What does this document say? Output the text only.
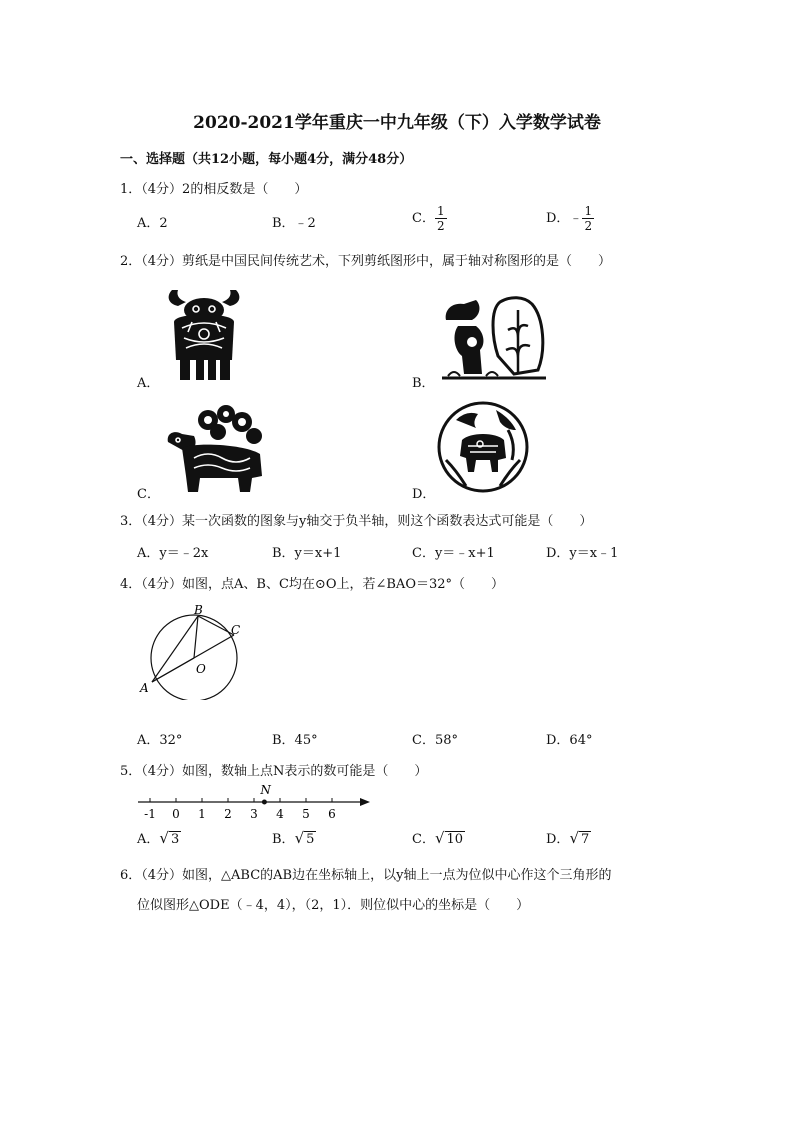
2020-2021学年重庆一中九年级（下）入学数学试卷
一、选择题（共12小题，每小题4分，满分48分）
1．（4分）2的相反数是（　　）
A．2	B．﹣2	C． $\frac{1}{2}$	D．﹣ $\frac{1}{2}$
2．（4分）剪纸是中国民间传统艺术，下列剪纸图形中，属于轴对称图形的是（　　）
A．	B．
C．	D．
3．（4分）某一次函数的图象与y轴交于负半轴，则这个函数表达式可能是（　　）
A．y＝﹣2x	B．y＝x+1	C．y＝﹣x+1	D．y＝x﹣1
4．（4分）如图，点A、B、C均在⊙O上，若∠BAO＝32°（　　）
B
C
O
A
A．32°	B．45°	C．58°	D．64°
5．（4分）如图，数轴上点N表示的数可能是（　　）
-1 0 1 2 3 4 5 6
N
A． √ 3	B． √ 5	C． √ 10	D． √ 7
6．（4分）如图，△ABC的AB边在坐标轴上，以y轴上一点为位似中心作这个三角形的
位似图形△ODE（﹣4，4），（2，1）．则位似中心的坐标是（　　）
